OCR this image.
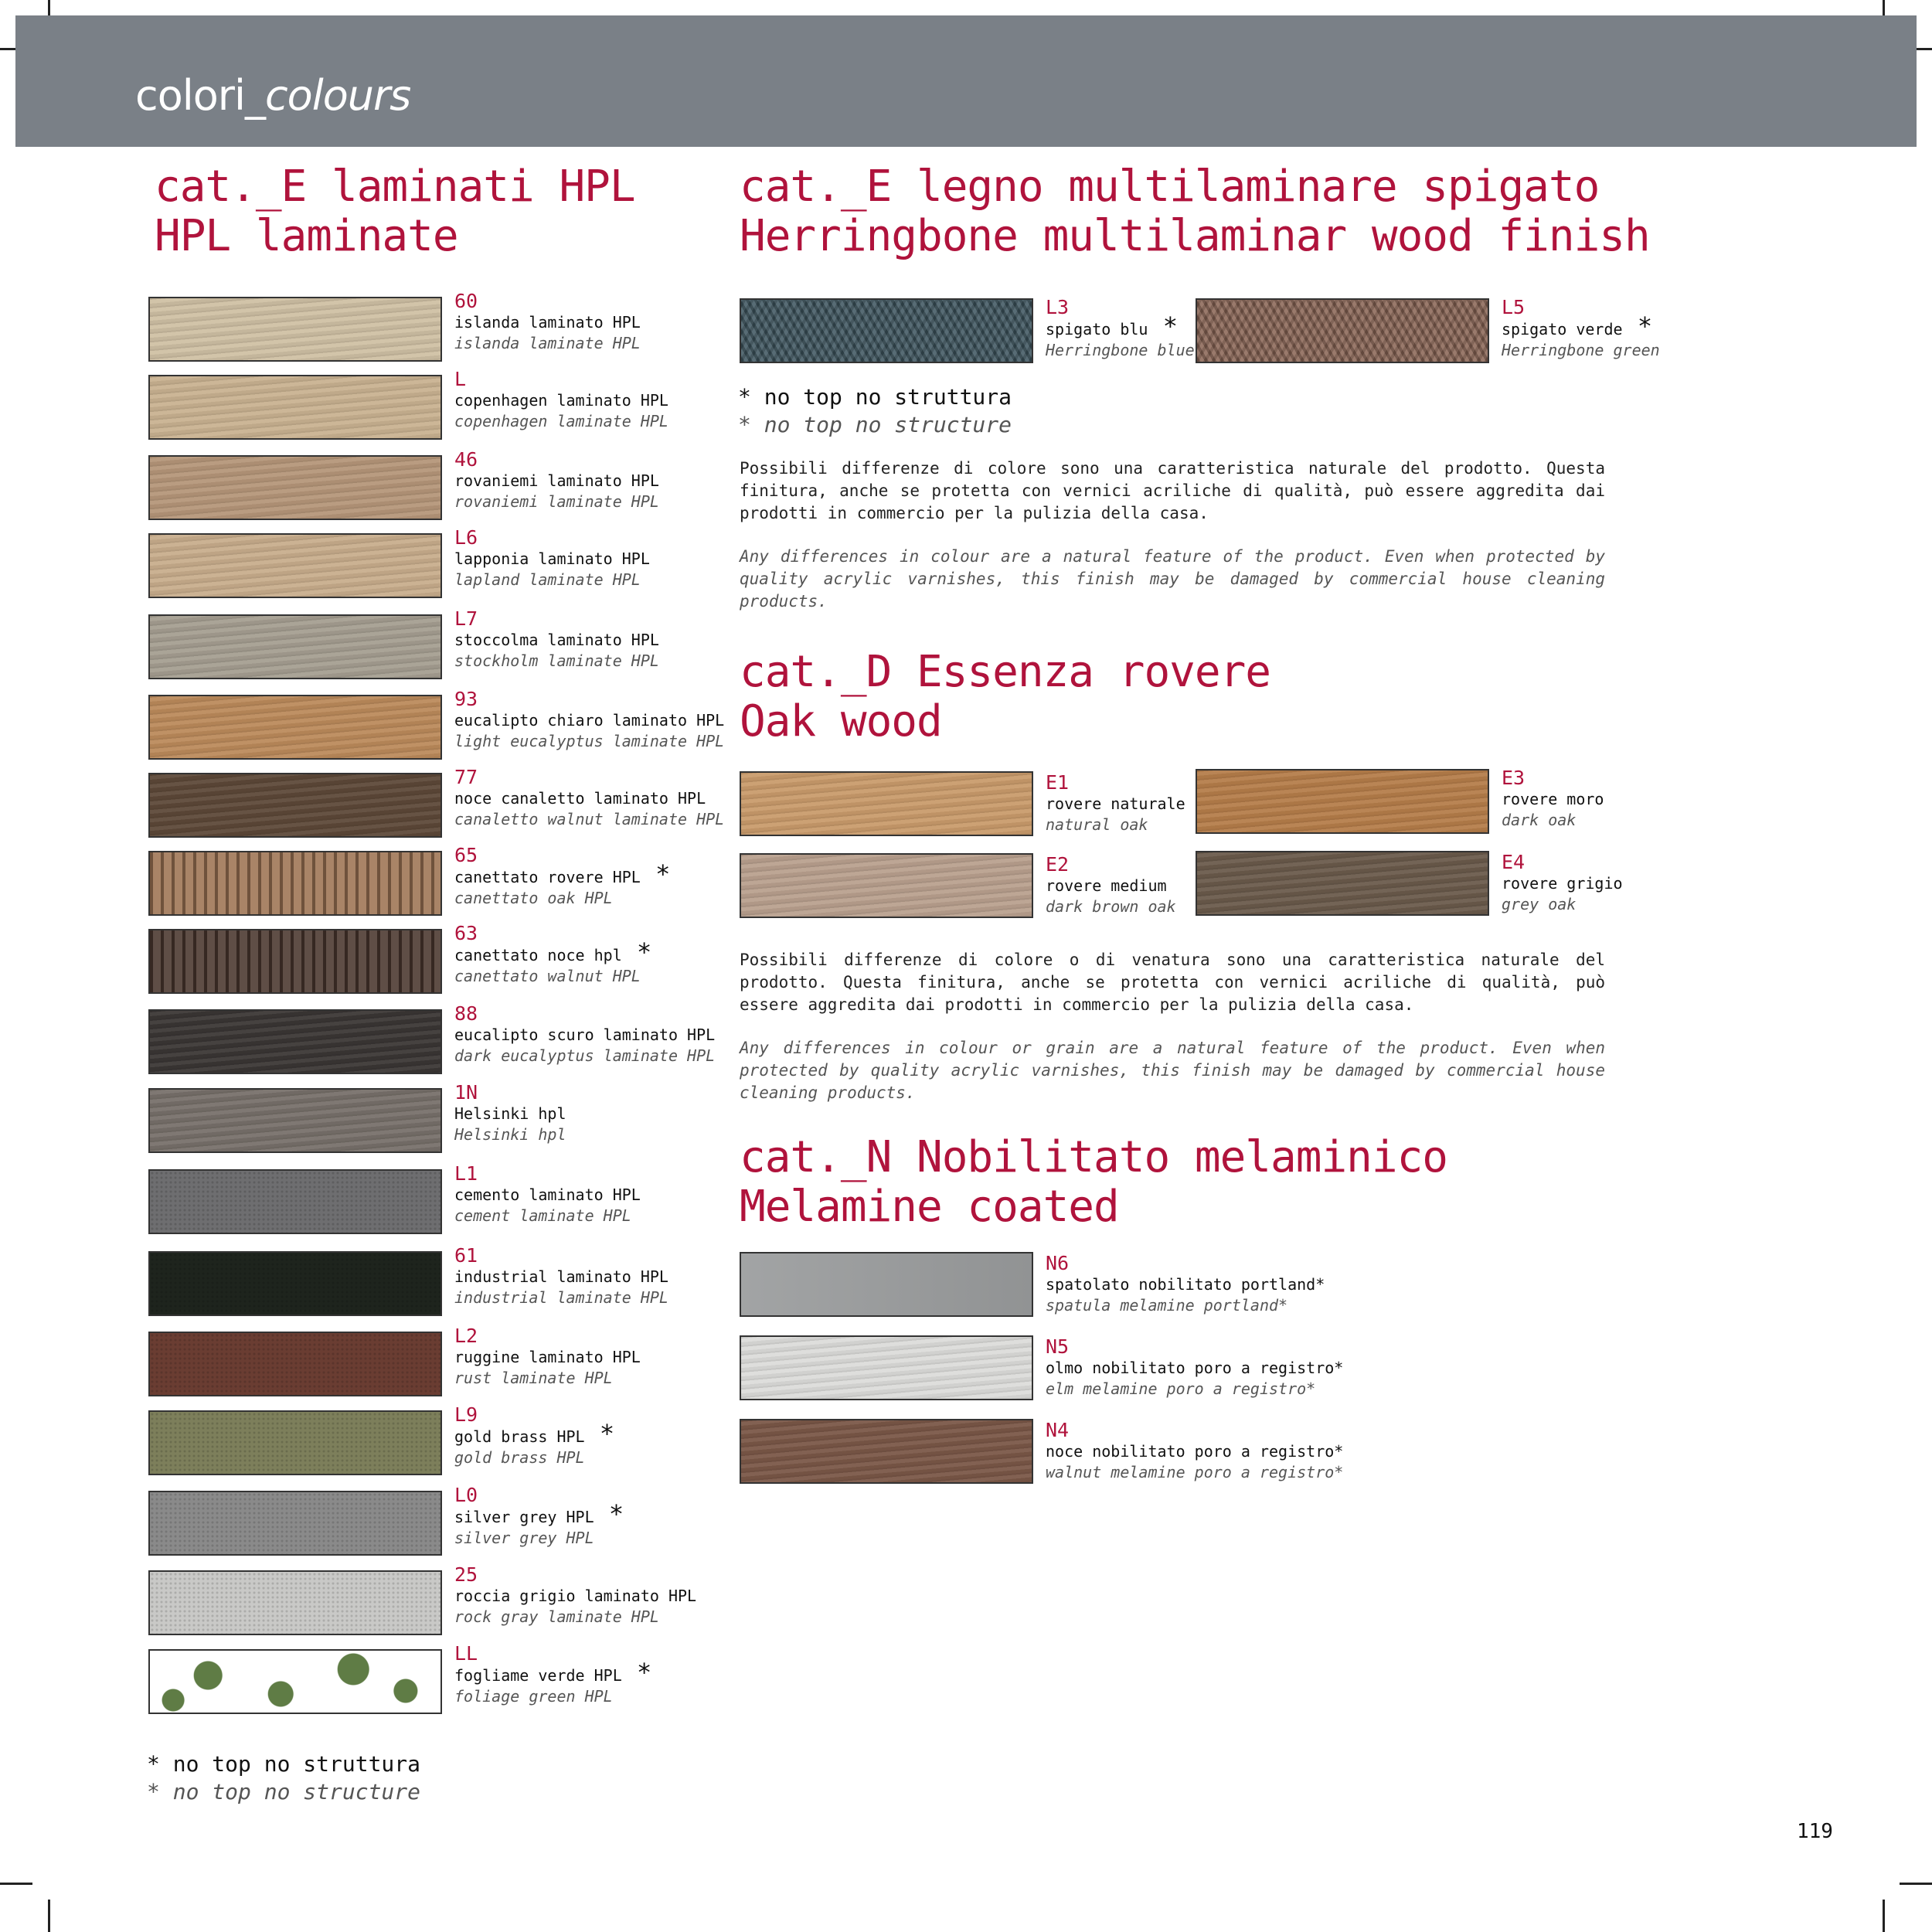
colori_colours
cat._E laminati HPL
HPL laminate
60
islanda laminato HPL
islanda laminate HPL
L
copenhagen laminato HPL
copenhagen laminate HPL
46
rovaniemi laminato HPL
rovaniemi laminate HPL
L6
lapponia laminato HPL
lapland laminate HPL
L7
stoccolma laminato HPL
stockholm laminate HPL
93
eucalipto chiaro laminato HPL
light eucalyptus laminate HPL
77
noce canaletto laminato HPL
canaletto walnut laminate HPL
65
canettato rovere HPL *
canettato oak HPL
63
canettato noce hpl *
canettato walnut HPL
88
eucalipto scuro laminato HPL
dark eucalyptus laminate HPL
1N
Helsinki hpl
Helsinki hpl
L1
cemento laminato HPL
cement laminate HPL
61
industrial laminato HPL
industrial laminate HPL
L2
ruggine laminato HPL
rust laminate HPL
L9
gold brass HPL *
gold brass HPL
L0
silver grey HPL *
silver grey HPL
25
roccia grigio laminato HPL
rock gray laminate HPL
LL
fogliame verde HPL *
foliage green HPL
* no top no struttura
* no top no structure
cat._E legno multilaminare spigato
Herringbone multilaminar wood finish
L3
spigato blu *
Herringbone blue
L5
spigato verde *
Herringbone green
* no top no struttura
* no top no structure
Possibili differenze di colore sono una caratteristica naturale del prodotto. Questa finitura, anche se protetta con vernici acriliche di qualità, può essere aggredita dai prodotti in commercio per la pulizia della casa.
Any differences in colour are a natural feature of the product. Even when protected by quality acrylic varnishes, this finish may be damaged by commercial house cleaning products.
cat._D Essenza rovere
Oak wood
E1
rovere naturale
natural oak
E3
rovere moro
dark oak
E2
rovere medium
dark brown oak
E4
rovere grigio
grey oak
Possibili differenze di colore o di venatura sono una caratteristica naturale del prodotto. Questa finitura, anche se protetta con vernici acriliche di qualità, può essere aggredita dai prodotti in commercio per la pulizia della casa.
Any differences in colour or grain are a natural feature of the product. Even when protected by quality acrylic varnishes, this finish may be damaged by commercial house cleaning products.
cat._N Nobilitato melaminico
Melamine coated
N6
spatolato nobilitato portland*
spatula melamine portland*
N5
olmo nobilitato poro a registro*
elm melamine poro a registro*
N4
noce nobilitato poro a registro*
walnut melamine poro a registro*
119
